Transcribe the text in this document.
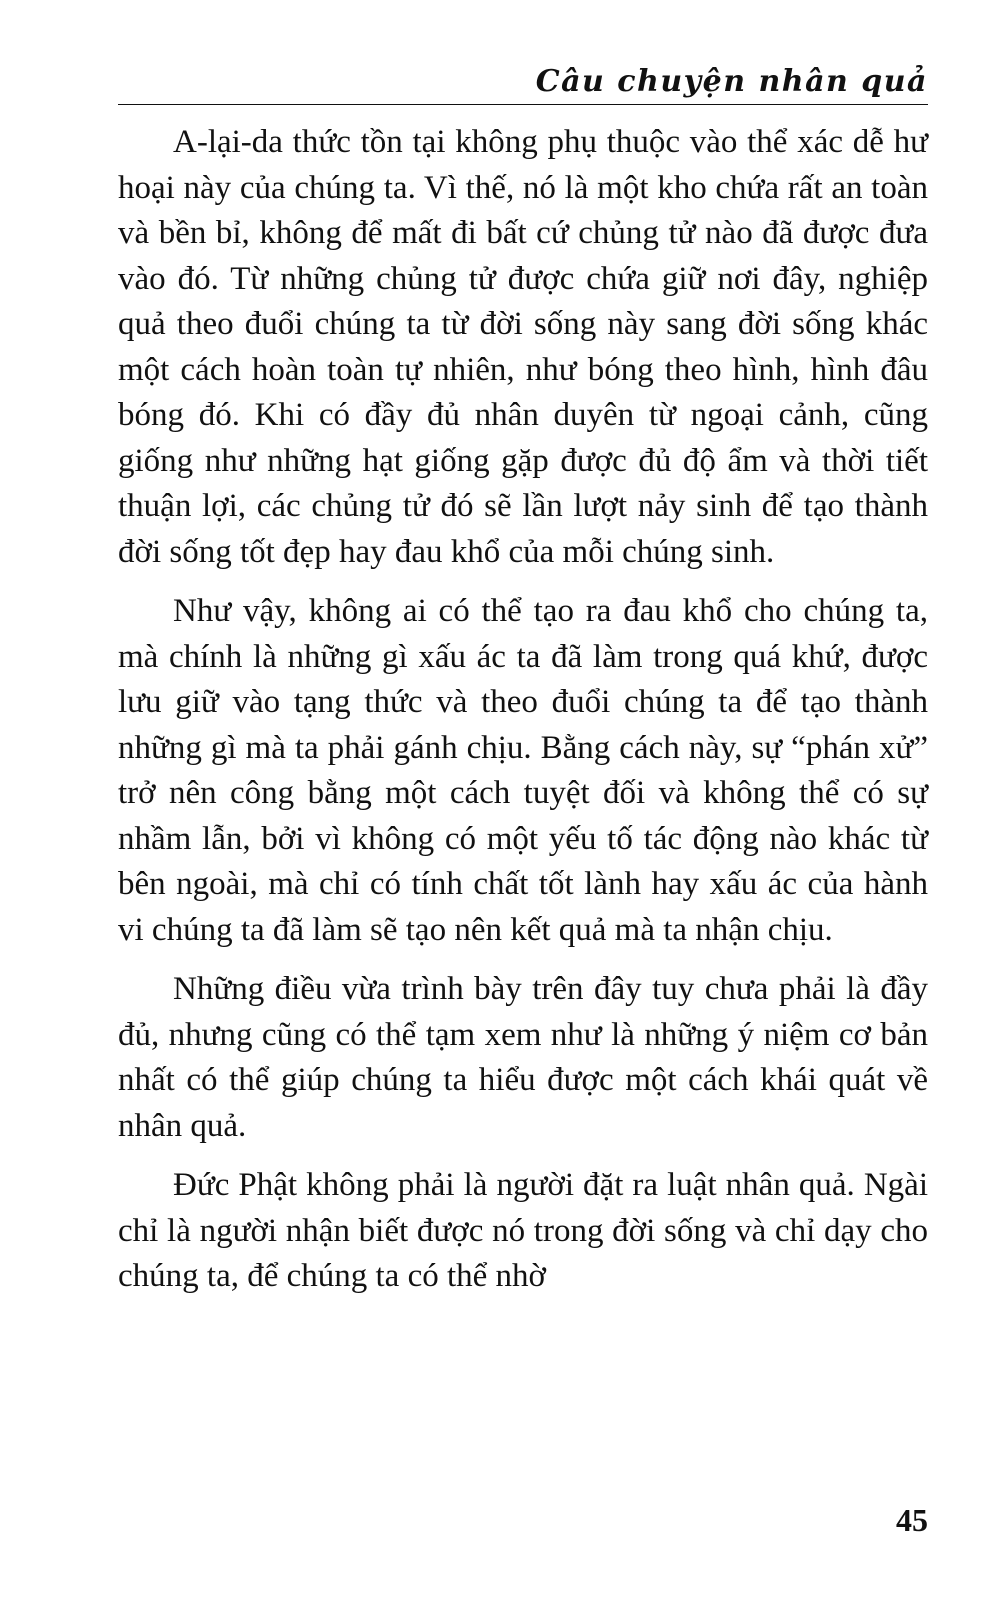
Câu chuyện nhân quả

A-lại-da thức tồn tại không phụ thuộc vào thể xác dễ hư hoại này của chúng ta. Vì thế, nó là một kho chứa rất an toàn và bền bỉ, không để mất đi bất cứ chủng tử nào đã được đưa vào đó. Từ những chủng tử được chứa giữ nơi đây, nghiệp quả theo đuổi chúng ta từ đời sống này sang đời sống khác một cách hoàn toàn tự nhiên, như bóng theo hình, hình đâu bóng đó. Khi có đầy đủ nhân duyên từ ngoại cảnh, cũng giống như những hạt giống gặp được đủ độ ẩm và thời tiết thuận lợi, các chủng tử đó sẽ lần lượt nảy sinh để tạo thành đời sống tốt đẹp hay đau khổ của mỗi chúng sinh.

Như vậy, không ai có thể tạo ra đau khổ cho chúng ta, mà chính là những gì xấu ác ta đã làm trong quá khứ, được lưu giữ vào tạng thức và theo đuổi chúng ta để tạo thành những gì mà ta phải gánh chịu. Bằng cách này, sự “phán xử” trở nên công bằng một cách tuyệt đối và không thể có sự nhầm lẫn, bởi vì không có một yếu tố tác động nào khác từ bên ngoài, mà chỉ có tính chất tốt lành hay xấu ác của hành vi chúng ta đã làm sẽ tạo nên kết quả mà ta nhận chịu.

Những điều vừa trình bày trên đây tuy chưa phải là đầy đủ, nhưng cũng có thể tạm xem như là những ý niệm cơ bản nhất có thể giúp chúng ta hiểu được một cách khái quát về nhân quả.

Đức Phật không phải là người đặt ra luật nhân quả. Ngài chỉ là người nhận biết được nó trong đời sống và chỉ dạy cho chúng ta, để chúng ta có thể nhờ

45
